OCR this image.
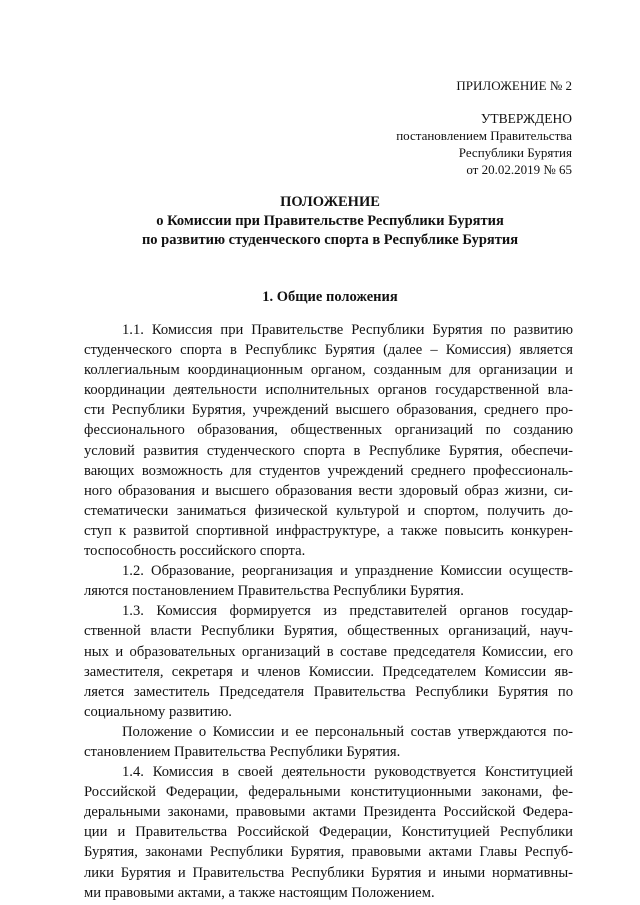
ПРИЛОЖЕНИЕ № 2
УТВЕРЖДЕНО
постановлением Правительства
Республики Бурятия
от 20.02.2019 № 65
ПОЛОЖЕНИЕ
о Комиссии при Правительстве Республики Бурятия
по развитию студенческого спорта в Республике Бурятия
1. Общие положения
1.1. Комиссия при Правительстве Республики Бурятия по развитию
студенческого спорта в Республикс Бурятия (далее – Комиссия) является
коллегиальным координационным органом, созданным для организации и
координации деятельности исполнительных органов государственной вла-
сти Республики Бурятия, учреждений высшего образования, среднего про-
фессионального образования, общественных организаций по созданию
условий развития студенческого спорта в Республике Бурятия, обеспечи-
вающих возможность для студентов учреждений среднего профессиональ-
ного образования и высшего образования вести здоровый образ жизни, си-
стематически заниматься физической культурой и спортом, получить до-
ступ к развитой спортивной инфраструктуре, а также повысить конкурен-
тоспособность российского спорта.
1.2. Образование, реорганизация и упразднение Комиссии осуществ-
ляются постановлением Правительства Республики Бурятия.
1.3. Комиссия формируется из представителей органов государ-
ственной власти Республики Бурятия, общественных организаций, науч-
ных и образовательных организаций в составе председателя Комиссии, его
заместителя, секретаря и членов Комиссии. Председателем Комиссии яв-
ляется заместитель Председателя Правительства Республики Бурятия по
социальному развитию.
Положение о Комиссии и ее персональный состав утверждаются по-
становлением Правительства Республики Бурятия.
1.4. Комиссия в своей деятельности руководствуется Конституцией
Российской Федерации, федеральными конституционными законами, фе-
деральными законами, правовыми актами Президента Российской Федера-
ции и Правительства Российской Федерации, Конституцией Республики
Бурятия, законами Республики Бурятия, правовыми актами Главы Респуб-
лики Бурятия и Правительства Республики Бурятия и иными нормативны-
ми правовыми актами, а также настоящим Положением.
